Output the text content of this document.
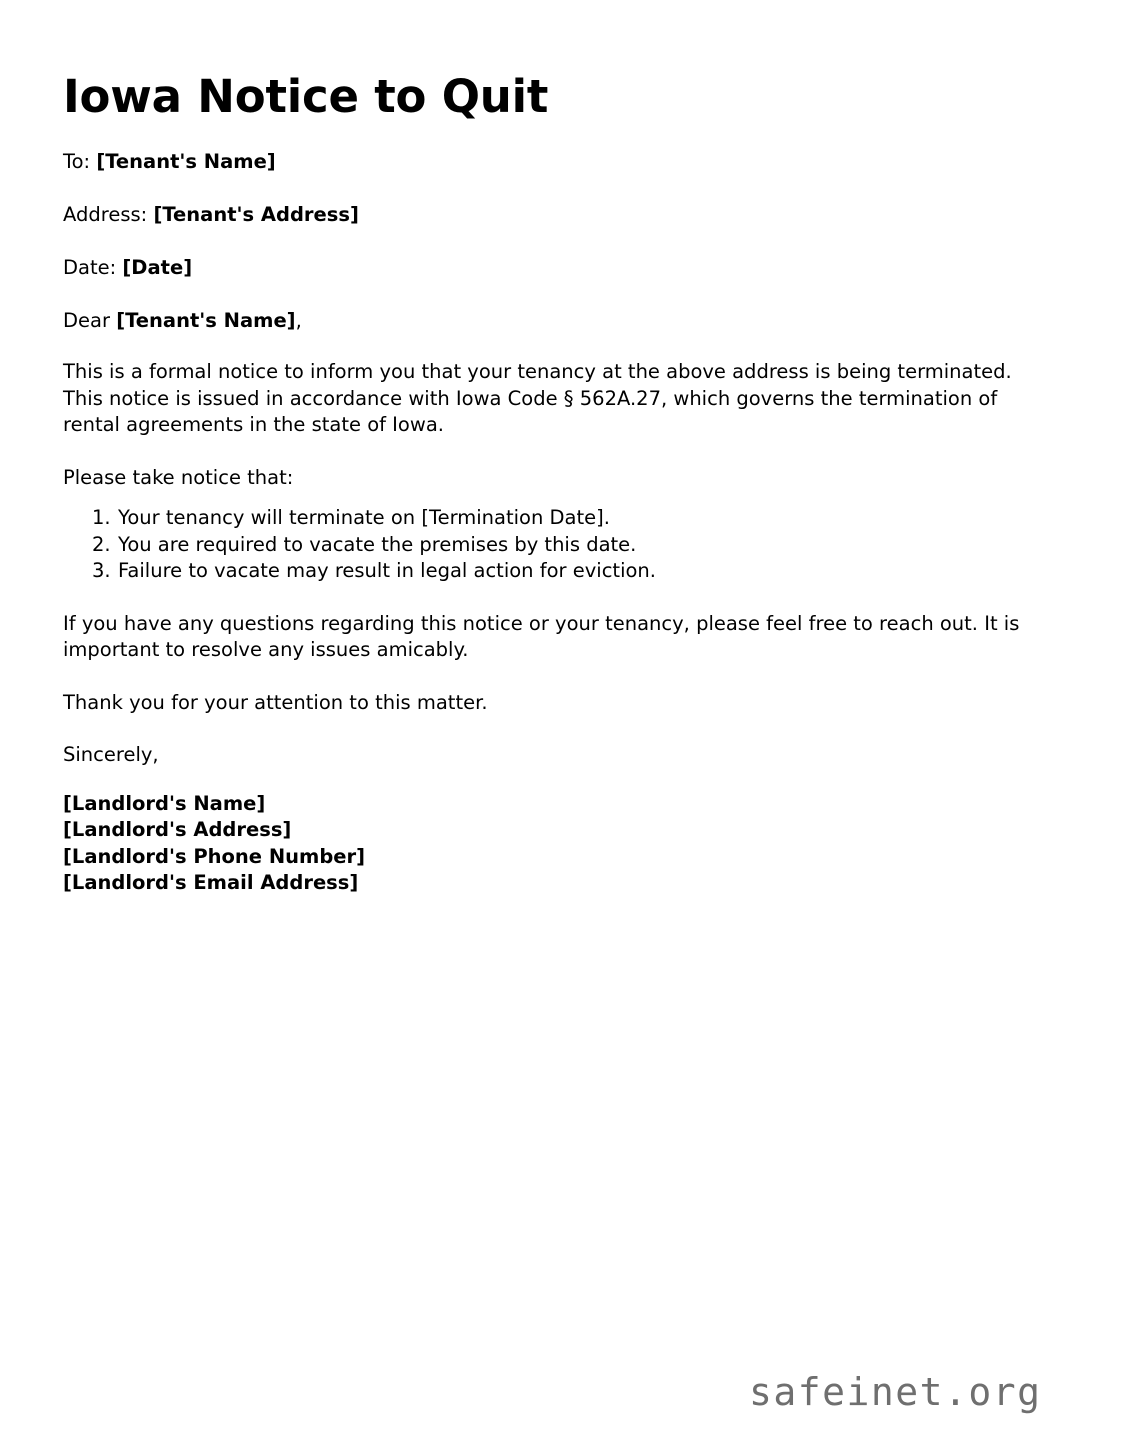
Iowa Notice to Quit

To: [Tenant's Name]

Address: [Tenant's Address]

Date: [Date]

Dear [Tenant's Name],

This is a formal notice to inform you that your tenancy at the above address is being terminated. This notice is issued in accordance with Iowa Code § 562A.27, which governs the termination of rental agreements in the state of Iowa.

Please take notice that:

Your tenancy will terminate on [Termination Date].
You are required to vacate the premises by this date.
Failure to vacate may result in legal action for eviction.

If you have any questions regarding this notice or your tenancy, please feel free to reach out. It is important to resolve any issues amicably.

Thank you for your attention to this matter.

Sincerely,

[Landlord's Name]
[Landlord's Address]
[Landlord's Phone Number]
[Landlord's Email Address]

safeinet.org
